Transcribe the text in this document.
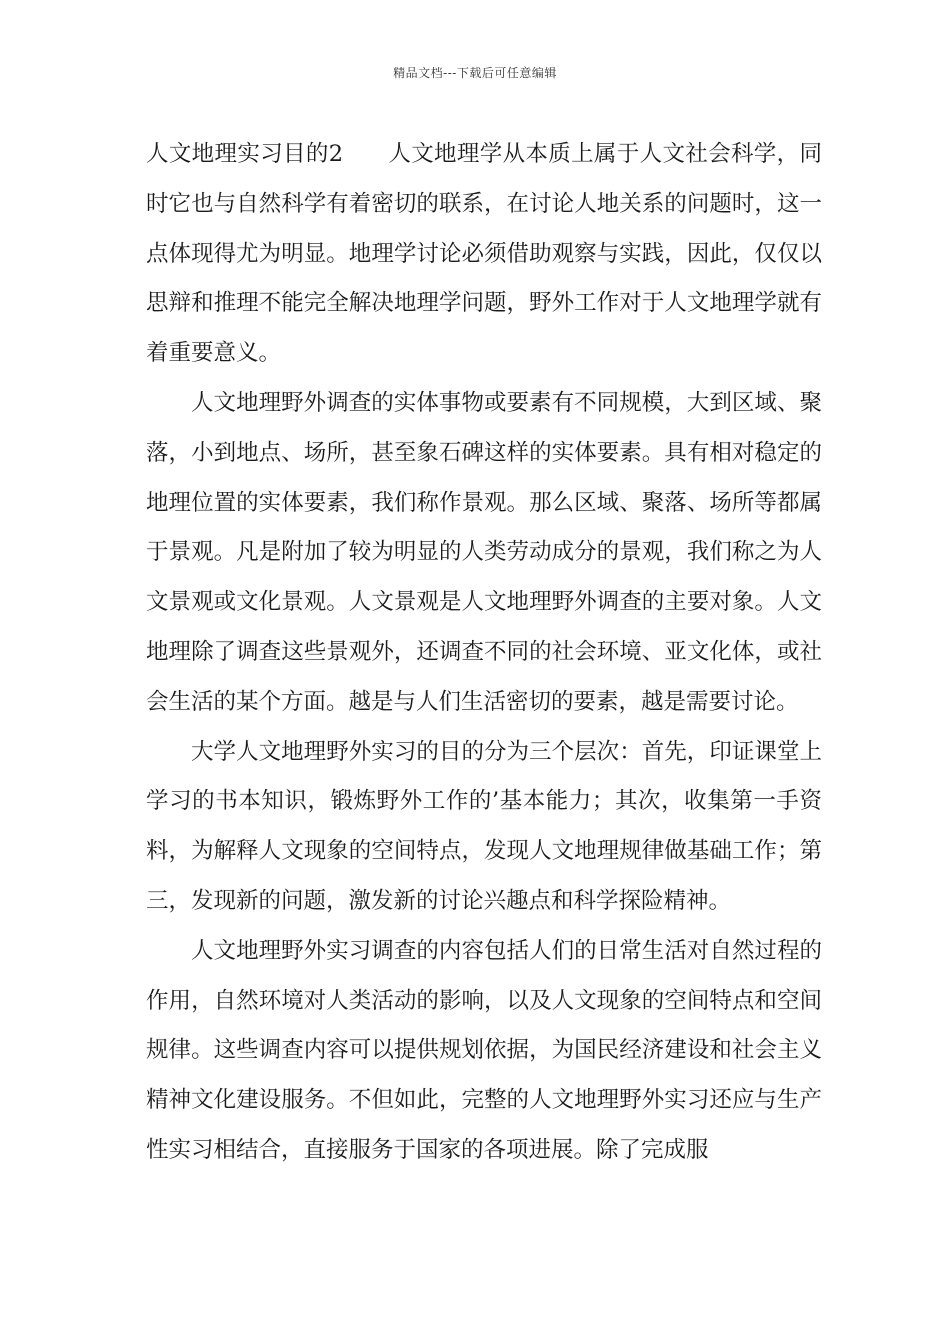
精品文档---下载后可任意编辑

人文地理实习目的2 人文地理学从本质上属于人文社会科学，同时它也与自然科学有着密切的联系，在讨论人地关系的问题时，这一点体现得尤为明显。地理学讨论必须借助观察与实践，因此，仅仅以思辩和推理不能完全解决地理学问题，野外工作对于人文地理学就有着重要意义。

人文地理野外调查的实体事物或要素有不同规模，大到区域、聚落，小到地点、场所，甚至象石碑这样的实体要素。具有相对稳定的地理位置的实体要素，我们称作景观。那么区域、聚落、场所等都属于景观。凡是附加了较为明显的人类劳动成分的景观，我们称之为人文景观或文化景观。人文景观是人文地理野外调查的主要对象。人文地理除了调查这些景观外，还调查不同的社会环境、亚文化体，或社会生活的某个方面。越是与人们生活密切的要素，越是需要讨论。

大学人文地理野外实习的目的分为三个层次：首先，印证课堂上学习的书本知识，锻炼野外工作的’基本能力；其次，收集第一手资料，为解释人文现象的空间特点，发现人文地理规律做基础工作；第三，发现新的问题，激发新的讨论兴趣点和科学探险精神。

人文地理野外实习调查的内容包括人们的日常生活对自然过程的作用，自然环境对人类活动的影响，以及人文现象的空间特点和空间规律。这些调查内容可以提供规划依据，为国民经济建设和社会主义精神文化建设服务。不但如此，完整的人文地理野外实习还应与生产性实习相结合，直接服务于国家的各项进展。除了完成服
